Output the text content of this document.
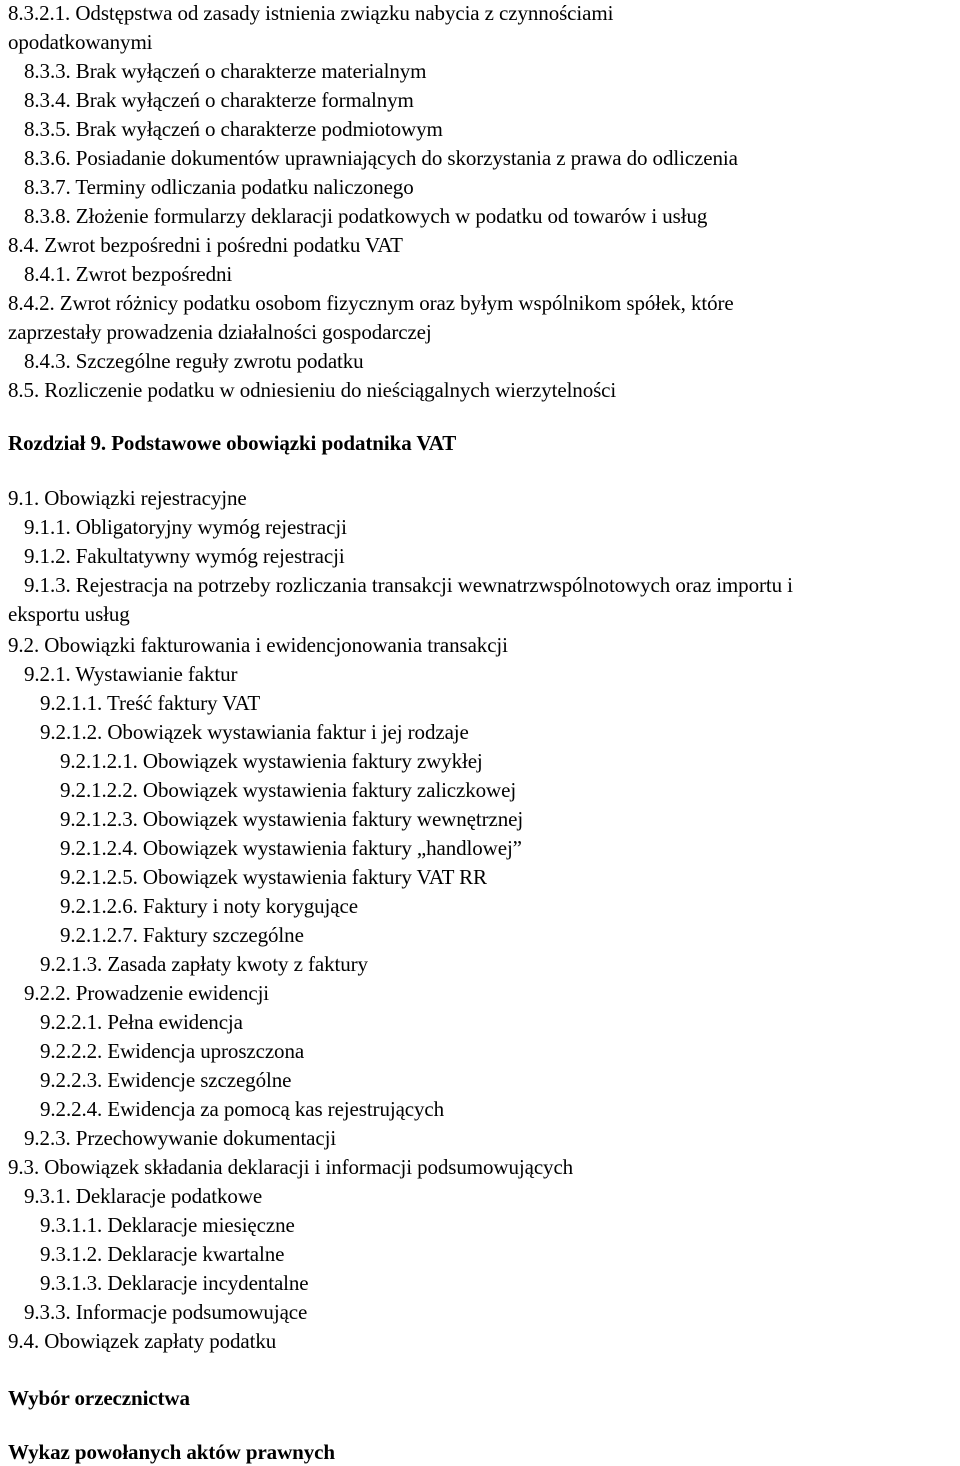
8.3.2.1. Odstępstwa od zasady istnienia związku nabycia z czynnościami
opodatkowanymi
8.3.3. Brak wyłączeń o charakterze materialnym
8.3.4. Brak wyłączeń o charakterze formalnym
8.3.5. Brak wyłączeń o charakterze podmiotowym
8.3.6. Posiadanie dokumentów uprawniających do skorzystania z prawa do odliczenia
8.3.7. Terminy odliczania podatku naliczonego
8.3.8. Złożenie formularzy deklaracji podatkowych w podatku od towarów i usług
8.4. Zwrot bezpośredni i pośredni podatku VAT
8.4.1. Zwrot bezpośredni
8.4.2. Zwrot różnicy podatku osobom fizycznym oraz byłym wspólnikom spółek, które
zaprzestały prowadzenia działalności gospodarczej
8.4.3. Szczególne reguły zwrotu podatku
8.5. Rozliczenie podatku w odniesieniu do nieściągalnych wierzytelności
Rozdział 9. Podstawowe obowiązki podatnika VAT
9.1. Obowiązki rejestracyjne
9.1.1. Obligatoryjny wymóg rejestracji
9.1.2. Fakultatywny wymóg rejestracji
9.1.3. Rejestracja na potrzeby rozliczania transakcji wewnatrzwspólnotowych oraz importu i
eksportu usług
9.2. Obowiązki fakturowania i ewidencjonowania transakcji
9.2.1. Wystawianie faktur
9.2.1.1. Treść faktury VAT
9.2.1.2. Obowiązek wystawiania faktur i jej rodzaje
9.2.1.2.1. Obowiązek wystawienia faktury zwykłej
9.2.1.2.2. Obowiązek wystawienia faktury zaliczkowej
9.2.1.2.3. Obowiązek wystawienia faktury wewnętrznej
9.2.1.2.4. Obowiązek wystawienia faktury „handlowej”
9.2.1.2.5. Obowiązek wystawienia faktury VAT RR
9.2.1.2.6. Faktury i noty korygujące
9.2.1.2.7. Faktury szczególne
9.2.1.3. Zasada zapłaty kwoty z faktury
9.2.2. Prowadzenie ewidencji
9.2.2.1. Pełna ewidencja
9.2.2.2. Ewidencja uproszczona
9.2.2.3. Ewidencje szczególne
9.2.2.4. Ewidencja za pomocą kas rejestrujących
9.2.3. Przechowywanie dokumentacji
9.3. Obowiązek składania deklaracji i informacji podsumowujących
9.3.1. Deklaracje podatkowe
9.3.1.1. Deklaracje miesięczne
9.3.1.2. Deklaracje kwartalne
9.3.1.3. Deklaracje incydentalne
9.3.3. Informacje podsumowujące
9.4. Obowiązek zapłaty podatku
Wybór orzecznictwa
Wykaz powołanych aktów prawnych
